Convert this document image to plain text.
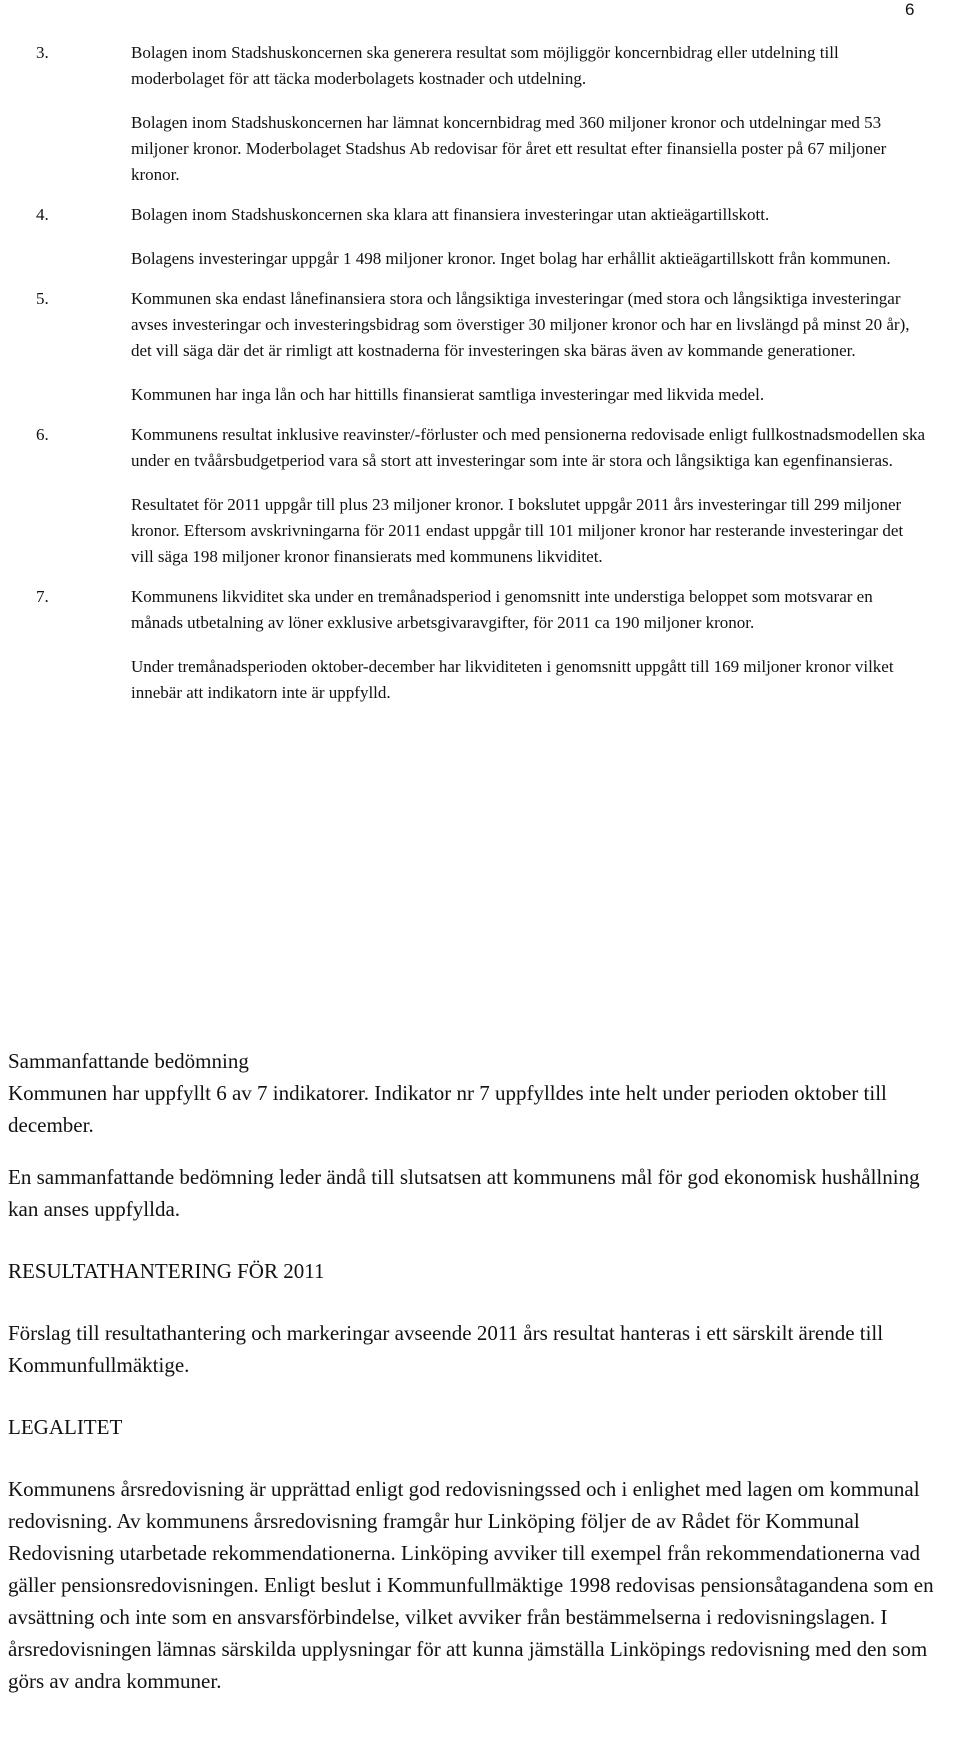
6
3.	Bolagen inom Stadshuskoncernen ska generera resultat som möjliggör koncernbidrag eller utdelning till moderbolaget för att täcka moderbolagets kostnader och utdelning.

Bolagen inom Stadshuskoncernen har lämnat koncernbidrag med 360 miljoner kronor och utdelningar med 53 miljoner kronor. Moderbolaget Stadshus Ab redovisar för året ett resultat efter finansiella poster på 67 miljoner kronor.

4.	Bolagen inom Stadshuskoncernen ska klara att finansiera investeringar utan aktieägartillskott.

Bolagens investeringar uppgår 1 498 miljoner kronor. Inget bolag har erhållit aktieägartillskott från kommunen.

5.	Kommunen ska endast lånefinansiera stora och långsiktiga investeringar (med stora och långsiktiga investeringar avses investeringar och investeringsbidrag som överstiger 30 miljoner kronor och har en livslängd på minst 20 år), det vill säga där det är rimligt att kostnaderna för investeringen ska bäras även av kommande generationer.

Kommunen har inga lån och har hittills finansierat samtliga investeringar med likvida medel.

6.	Kommunens resultat inklusive reavinster/-förluster och med pensionerna redovisade enligt fullkostnadsmodellen ska under en tvåårsbudgetperiod vara så stort att investeringar som inte är stora och långsiktiga kan egenfinansieras.

Resultatet för 2011 uppgår till plus 23 miljoner kronor. I bokslutet uppgår 2011 års investeringar till 299 miljoner kronor. Eftersom avskrivningarna för 2011 endast uppgår till 101 miljoner kronor har resterande investeringar det vill säga 198 miljoner kronor finansierats med kommunens likviditet.

7.	Kommunens likviditet ska under en tremånadsperiod i genomsnitt inte understiga beloppet som motsvarar en månads utbetalning av löner exklusive arbetsgivaravgifter, för 2011 ca 190 miljoner kronor.

Under tremånadsperioden oktober-december har likviditeten i genomsnitt uppgått till 169 miljoner kronor vilket innebär att indikatorn inte är uppfylld.

Sammanfattande bedömning

Kommunen har uppfyllt 6 av 7 indikatorer. Indikator nr 7 uppfylldes inte helt under perioden oktober till december.

En sammanfattande bedömning leder ändå till slutsatsen att kommunens mål för god ekonomisk hushållning kan anses uppfyllda.

RESULTATHANTERING FÖR 2011

Förslag till resultathantering och markeringar avseende 2011 års resultat hanteras i ett särskilt ärende till Kommunfullmäktige.

LEGALITET

Kommunens årsredovisning är upprättad enligt god redovisningssed och i enlighet med lagen om kommunal redovisning. Av kommunens årsredovisning framgår hur Linköping följer de av Rådet för Kommunal Redovisning utarbetade rekommendationerna. Linköping avviker till exempel från rekommendationerna vad gäller pensionsredovisningen. Enligt beslut i Kommunfullmäktige 1998 redovisas pensionsåtagandena som en avsättning och inte som en ansvarsförbindelse, vilket avviker från bestämmelserna i redovisningslagen. I årsredovisningen lämnas särskilda upplysningar för att kunna jämställa Linköpings redovisning med den som görs av andra kommuner.
